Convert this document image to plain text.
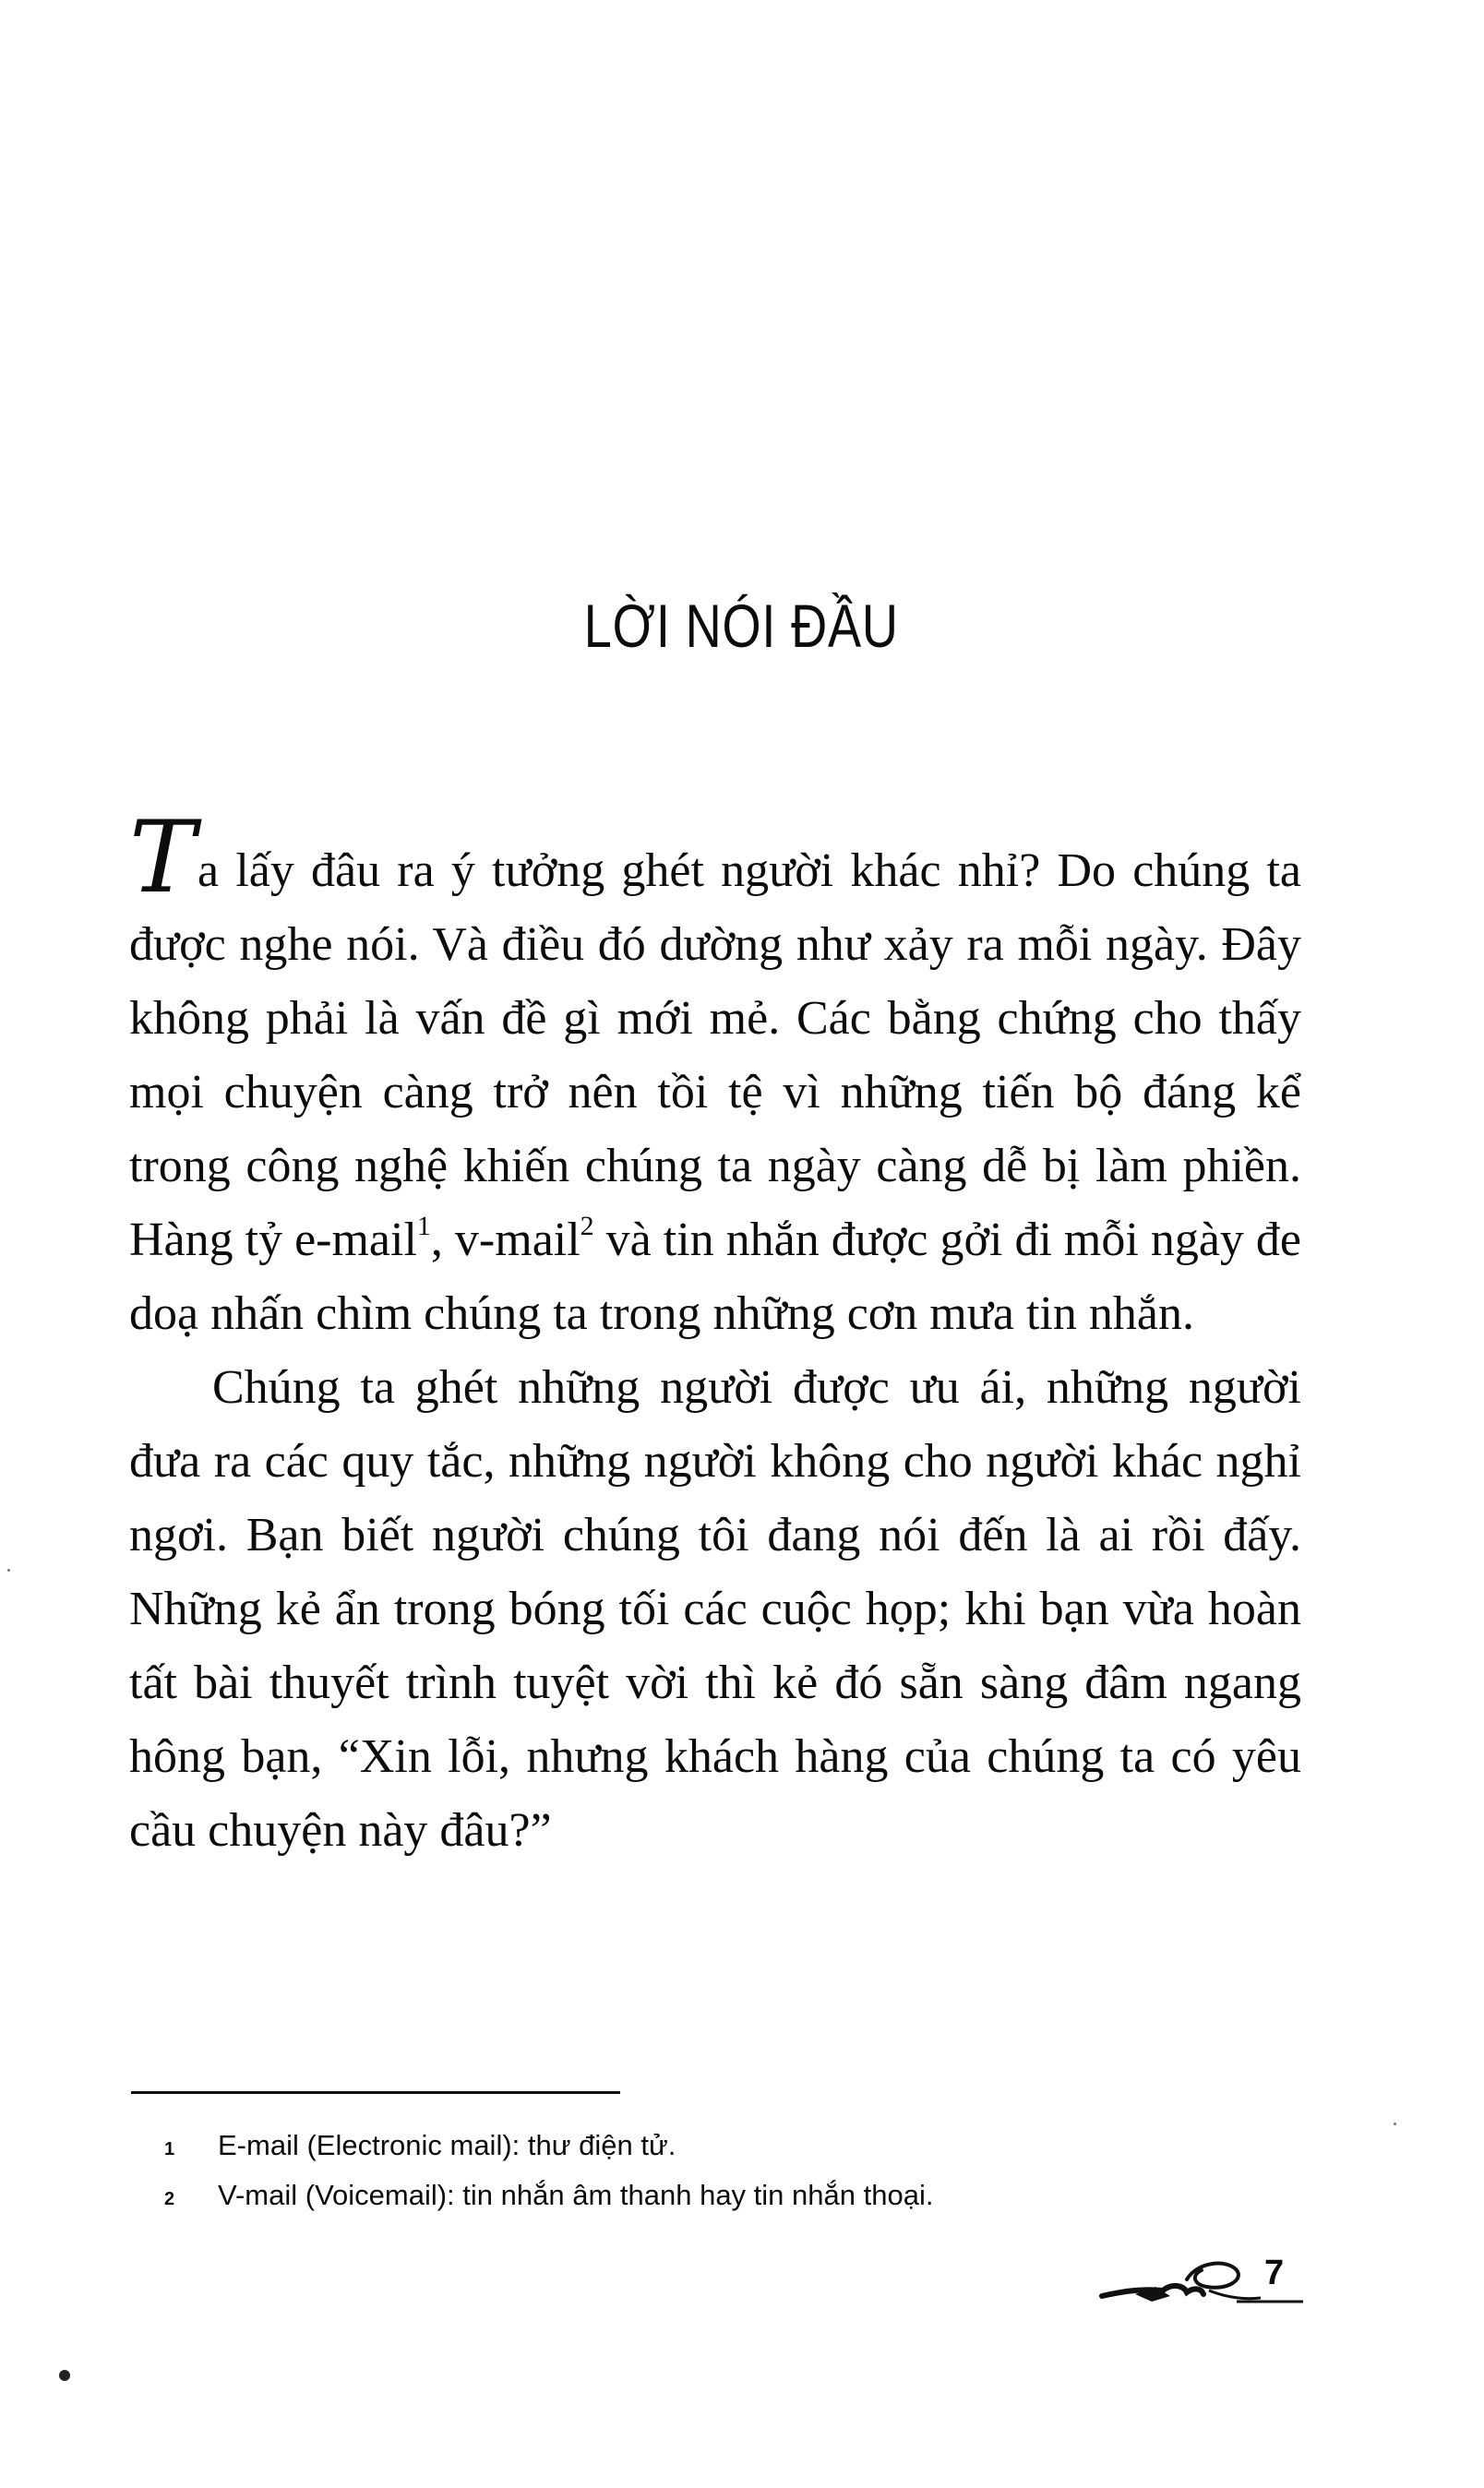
LỜI NÓI ĐẦU

Ta lấy đâu ra ý tưởng ghét người khác nhỉ? Do chúng ta được nghe nói. Và điều đó dường như xảy ra mỗi ngày. Đây không phải là vấn đề gì mới mẻ. Các bằng chứng cho thấy mọi chuyện càng trở nên tồi tệ vì những tiến bộ đáng kể trong công nghệ khiến chúng ta ngày càng dễ bị làm phiền. Hàng tỷ e-mail$^1$, v-mail$^2$ và tin nhắn được gởi đi mỗi ngày đe doạ nhấn chìm chúng ta trong những cơn mưa tin nhắn.

Chúng ta ghét những người được ưu ái, những người đưa ra các quy tắc, những người không cho người khác nghỉ ngơi. Bạn biết người chúng tôi đang nói đến là ai rồi đấy. Những kẻ ẩn trong bóng tối các cuộc họp; khi bạn vừa hoàn tất bài thuyết trình tuyệt vời thì kẻ đó sẵn sàng đâm ngang hông bạn, “Xin lỗi, nhưng khách hàng của chúng ta có yêu cầu chuyện này đâu?”

1	E-mail (Electronic mail): thư điện tử.
2	V-mail (Voicemail): tin nhắn âm thanh hay tin nhắn thoại.
7
